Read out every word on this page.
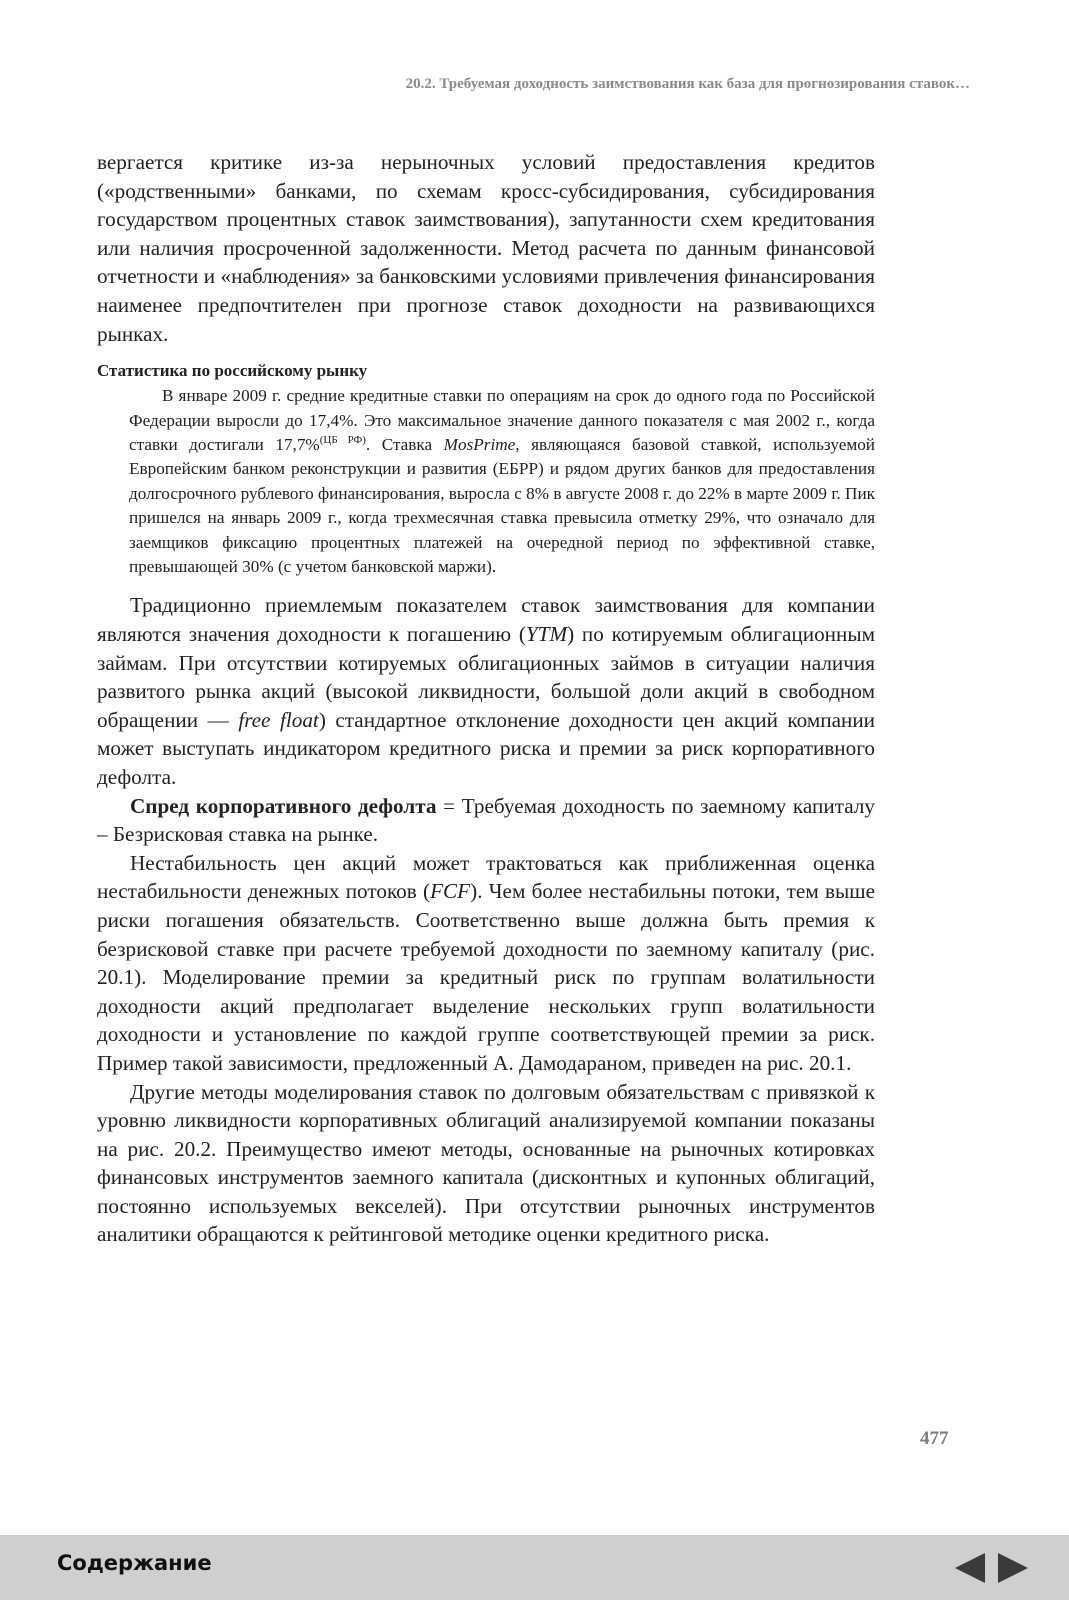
20.2. Требуемая доходность заимствования как база для прогнозирования ставок…

вергается критике из-за нерыночных условий предоставления кредитов («родственными» банками, по схемам кросс-субсидирования, субсидирования государством процентных ставок заимствования), запутанности схем кредитования или наличия просроченной задолженности. Метод расчета по данным финансовой отчетности и «наблюдения» за банковскими условиями привлечения финансирования наименее предпочтителен при прогнозе ставок доходности на развивающихся рынках.

Статистика по российскому рынку

В январе 2009 г. средние кредитные ставки по операциям на срок до одного года по Российской Федерации выросли до 17,4%. Это максимальное значение данного показателя с мая 2002 г., когда ставки достигали 17,7%$^{(ЦБ РФ)}$. Ставка MosPrime, являющаяся базовой ставкой, используемой Европейским банком реконструкции и развития (ЕБРР) и рядом других банков для предоставления долгосрочного рублевого финансирования, выросла с 8% в августе 2008 г. до 22% в марте 2009 г. Пик пришелся на январь 2009 г., когда трехмесячная ставка превысила отметку 29%, что означало для заемщиков фиксацию процентных платежей на очередной период по эффективной ставке, превышающей 30% (с учетом банковской маржи).

Традиционно приемлемым показателем ставок заимствования для компании являются значения доходности к погашению (YTM) по котируемым облигационным займам. При отсутствии котируемых облигационных займов в ситуации наличия развитого рынка акций (высокой ликвидности, большой доли акций в свободном обращении — free float) стандартное отклонение доходности цен акций компании может выступать индикатором кредитного риска и премии за риск корпоративного дефолта.

Спред корпоративного дефолта = Требуемая доходность по заемному капиталу – Безрисковая ставка на рынке.

Нестабильность цен акций может трактоваться как приближенная оценка нестабильности денежных потоков (FCF). Чем более нестабильны потоки, тем выше риски погашения обязательств. Соответственно выше должна быть премия к безрисковой ставке при расчете требуемой доходности по заемному капиталу (рис. 20.1). Моделирование премии за кредитный риск по группам волатильности доходности акций предполагает выделение нескольких групп волатильности доходности и установление по каждой группе соответствующей премии за риск. Пример такой зависимости, предложенный А. Дамодараном, приведен на рис. 20.1.

Другие методы моделирования ставок по долговым обязательствам с привязкой к уровню ликвидности корпоративных облигаций анализируемой компании показаны на рис. 20.2. Преимущество имеют методы, основанные на рыночных котировках финансовых инструментов заемного капитала (дисконтных и купонных облигаций, постоянно используемых векселей). При отсутствии рыночных инструментов аналитики обращаются к рейтинговой методике оценки кредитного риска.

477
Содержание
